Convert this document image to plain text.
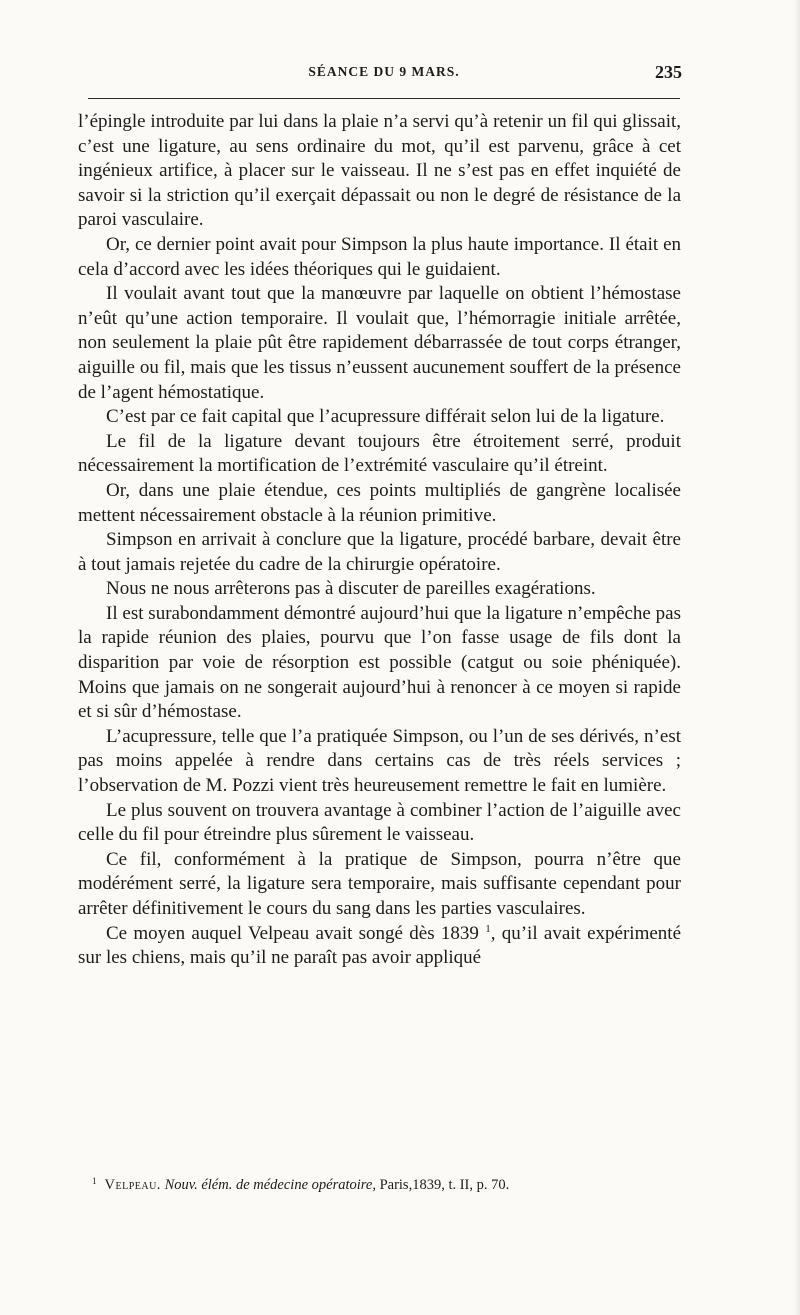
SÉANCE DU 9 MARS.	235

l’épingle introduite par lui dans la plaie n’a servi qu’à retenir un fil qui glissait, c’est une ligature, au sens ordinaire du mot, qu’il est parvenu, grâce à cet ingénieux artifice, à placer sur le vaisseau. Il ne s’est pas en effet inquiété de savoir si la striction qu’il exerçait dépassait ou non le degré de résistance de la paroi vasculaire.

Or, ce dernier point avait pour Simpson la plus haute importance. Il était en cela d’accord avec les idées théoriques qui le guidaient.

Il voulait avant tout que la manœuvre par laquelle on obtient l’hémostase n’eût qu’une action temporaire. Il voulait que, l’hémorragie initiale arrêtée, non seulement la plaie pût être rapidement débarrassée de tout corps étranger, aiguille ou fil, mais que les tissus n’eussent aucunement souffert de la présence de l’agent hémostatique.

C’est par ce fait capital que l’acupressure différait selon lui de la ligature.

Le fil de la ligature devant toujours être étroitement serré, produit nécessairement la mortification de l’extrémité vasculaire qu’il étreint.

Or, dans une plaie étendue, ces points multipliés de gangrène localisée mettent nécessairement obstacle à la réunion primitive.

Simpson en arrivait à conclure que la ligature, procédé barbare, devait être à tout jamais rejetée du cadre de la chirurgie opératoire.

Nous ne nous arrêterons pas à discuter de pareilles exagérations.

Il est surabondamment démontré aujourd’hui que la ligature n’empêche pas la rapide réunion des plaies, pourvu que l’on fasse usage de fils dont la disparition par voie de résorption est possible (catgut ou soie phéniquée). Moins que jamais on ne songerait aujourd’hui à renoncer à ce moyen si rapide et si sûr d’hémostase.

L’acupressure, telle que l’a pratiquée Simpson, ou l’un de ses dérivés, n’est pas moins appelée à rendre dans certains cas de très réels services ; l’observation de M. Pozzi vient très heureusement remettre le fait en lumière.

Le plus souvent on trouvera avantage à combiner l’action de l’aiguille avec celle du fil pour étreindre plus sûrement le vaisseau.

Ce fil, conformément à la pratique de Simpson, pourra n’être que modérément serré, la ligature sera temporaire, mais suffisante cependant pour arrêter définitivement le cours du sang dans les parties vasculaires.

Ce moyen auquel Velpeau avait songé dès 1839 $^1$, qu’il avait expérimenté sur les chiens, mais qu’il ne paraît pas avoir appliqué

$^1$ Velpeau. Nouv. élém. de médecine opératoire, Paris,1839, t. II, p. 70.
